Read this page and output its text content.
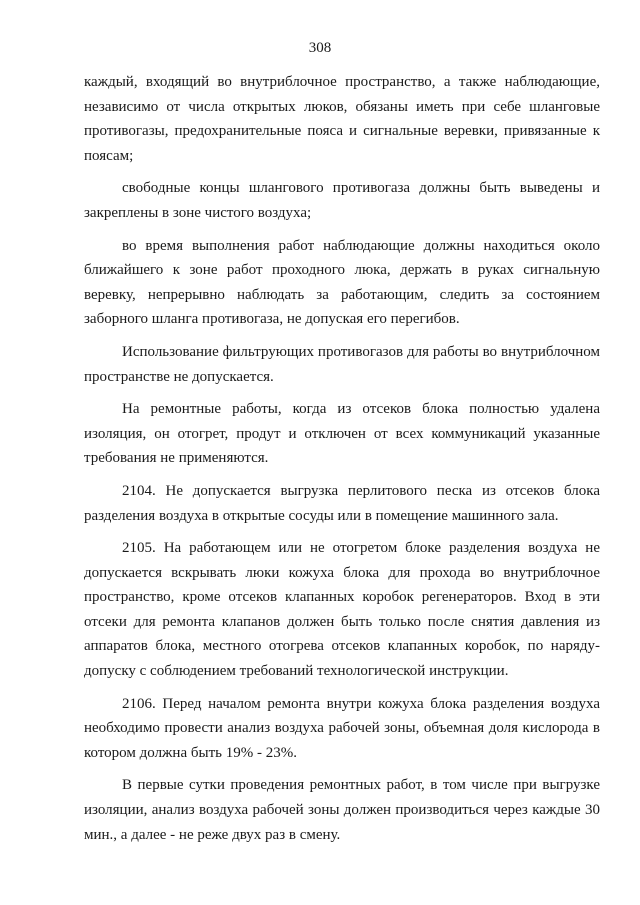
308

каждый, входящий во внутриблочное пространство, а также наблюдающие, независимо от числа открытых люков, обязаны иметь при себе шланговые противогазы, предохранительные пояса и сигнальные веревки, привязанные к поясам;

свободные концы шлангового противогаза должны быть выведены и закреплены в зоне чистого воздуха;

во время выполнения работ наблюдающие должны находиться около ближайшего к зоне работ проходного люка, держать в руках сигнальную веревку, непрерывно наблюдать за работающим, следить за состоянием заборного шланга противогаза, не допуская его перегибов.

Использование фильтрующих противогазов для работы во внутриблочном пространстве не допускается.

На ремонтные работы, когда из отсеков блока полностью удалена изоляция, он отогрет, продут и отключен от всех коммуникаций указанные требования не применяются.

2104. Не допускается выгрузка перлитового песка из отсеков блока разделения воздуха в открытые сосуды или в помещение машинного зала.

2105. На работающем или не отогретом блоке разделения воздуха не допускается вскрывать люки кожуха блока для прохода во внутриблочное пространство, кроме отсеков клапанных коробок регенераторов. Вход в эти отсеки для ремонта клапанов должен быть только после снятия давления из аппаратов блока, местного отогрева отсеков клапанных коробок, по наряду-допуску с соблюдением требований технологической инструкции.

2106. Перед началом ремонта внутри кожуха блока разделения воздуха необходимо провести анализ воздуха рабочей зоны, объемная доля кислорода в котором должна быть 19% - 23%.

В первые сутки проведения ремонтных работ, в том числе при выгрузке изоляции, анализ воздуха рабочей зоны должен производиться через каждые 30 мин., а далее - не реже двух раз в смену.
